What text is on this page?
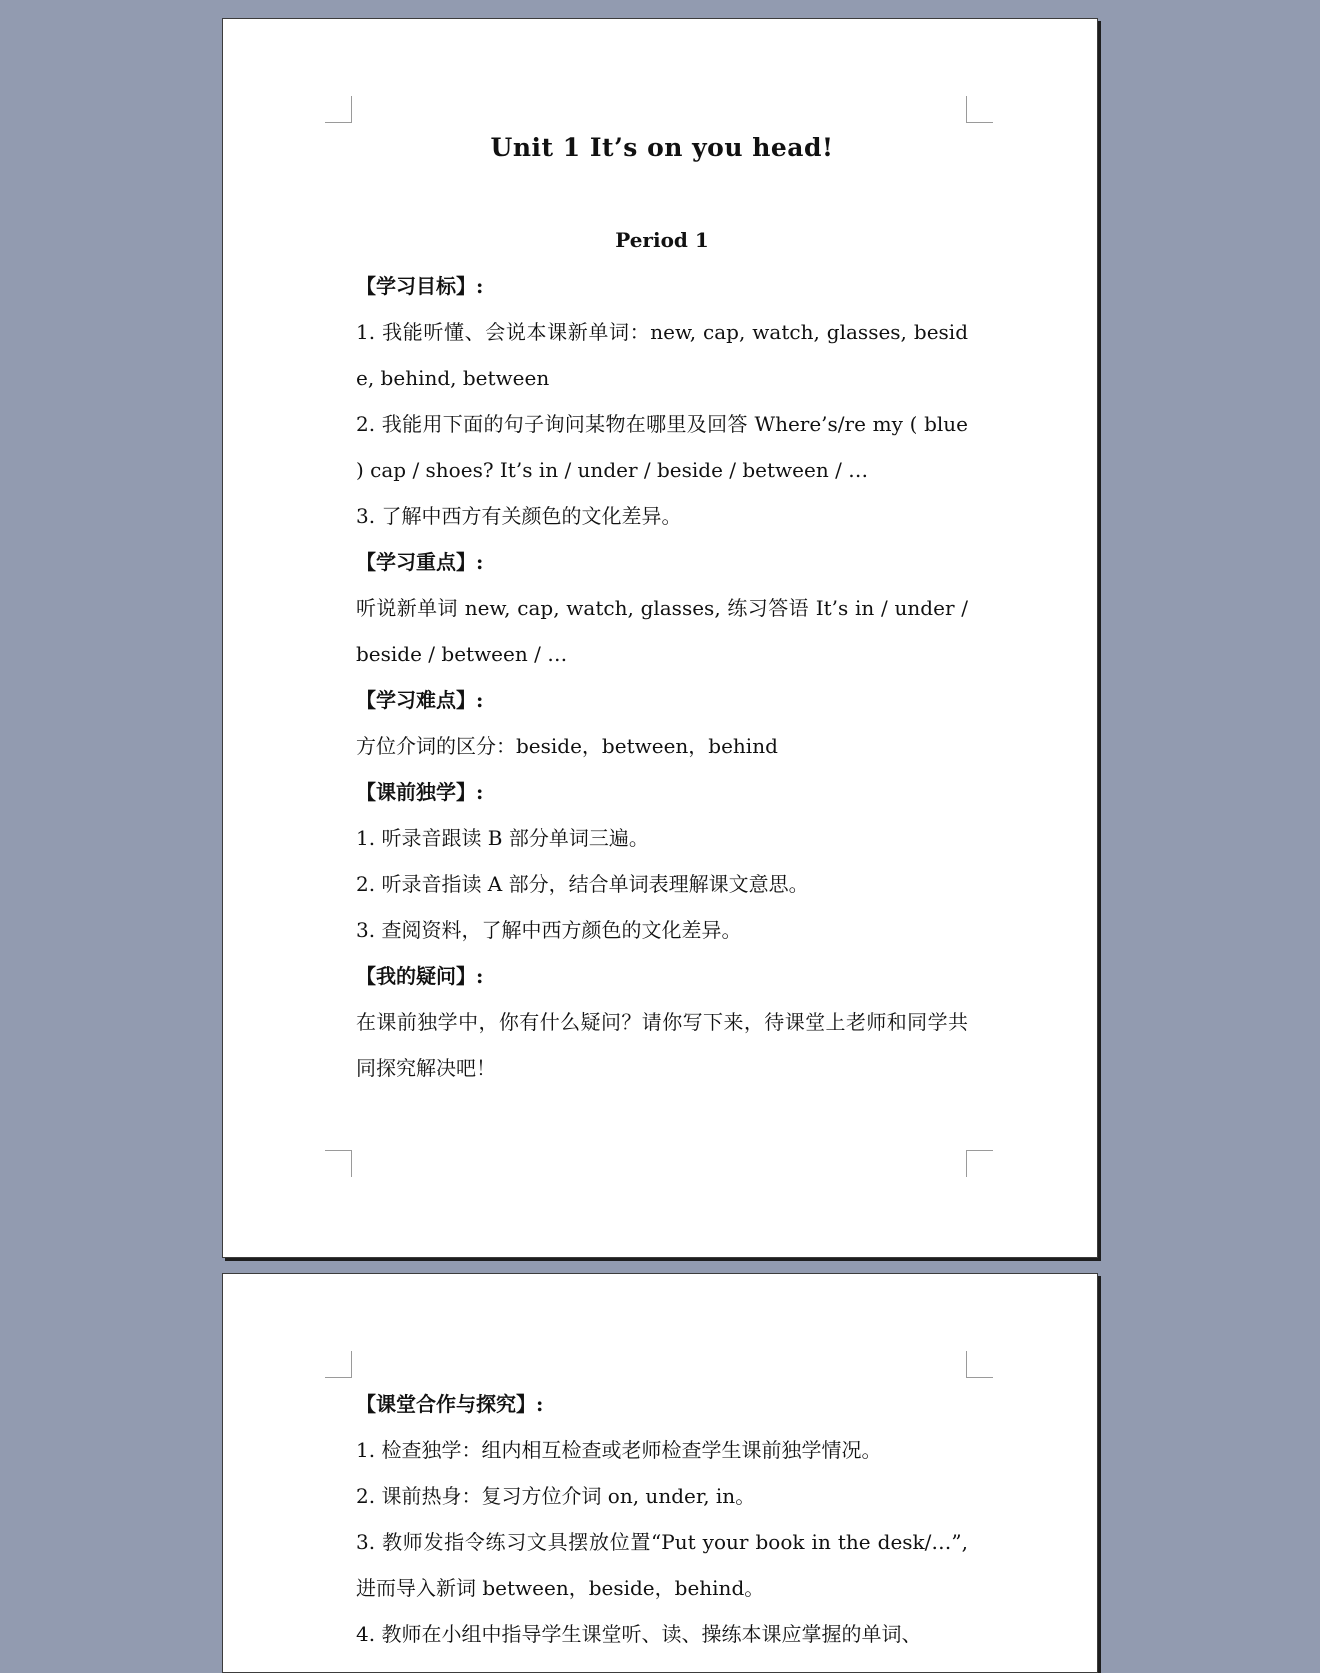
Unit 1 It’s on you head!

Period 1

【学习目标】:

1. 我能听懂、会说本课新单词：new, cap, watch, glasses, beside, behind, between

2. 我能用下面的句子询问某物在哪里及回答 Where’s/re my ( blue ) cap / shoes? It’s in / under / beside / between / …

3. 了解中西方有关颜色的文化差异。

【学习重点】:

听说新单词 new, cap, watch, glasses, 练习答语 It’s in / under / beside / between / …

【学习难点】:

方位介词的区分：beside，between，behind

【课前独学】:

1. 听录音跟读 B 部分单词三遍。

2. 听录音指读 A 部分，结合单词表理解课文意思。

3. 查阅资料，了解中西方颜色的文化差异。

【我的疑问】:

在课前独学中，你有什么疑问？请你写下来，待课堂上老师和同学共同探究解决吧！

【课堂合作与探究】:

1. 检查独学：组内相互检查或老师检查学生课前独学情况。

2. 课前热身：复习方位介词 on, under, in。

3. 教师发指令练习文具摆放位置“Put your book in the desk/…”, 进而导入新词 between，beside，behind。

4. 教师在小组中指导学生课堂听、读、操练本课应掌握的单词、
